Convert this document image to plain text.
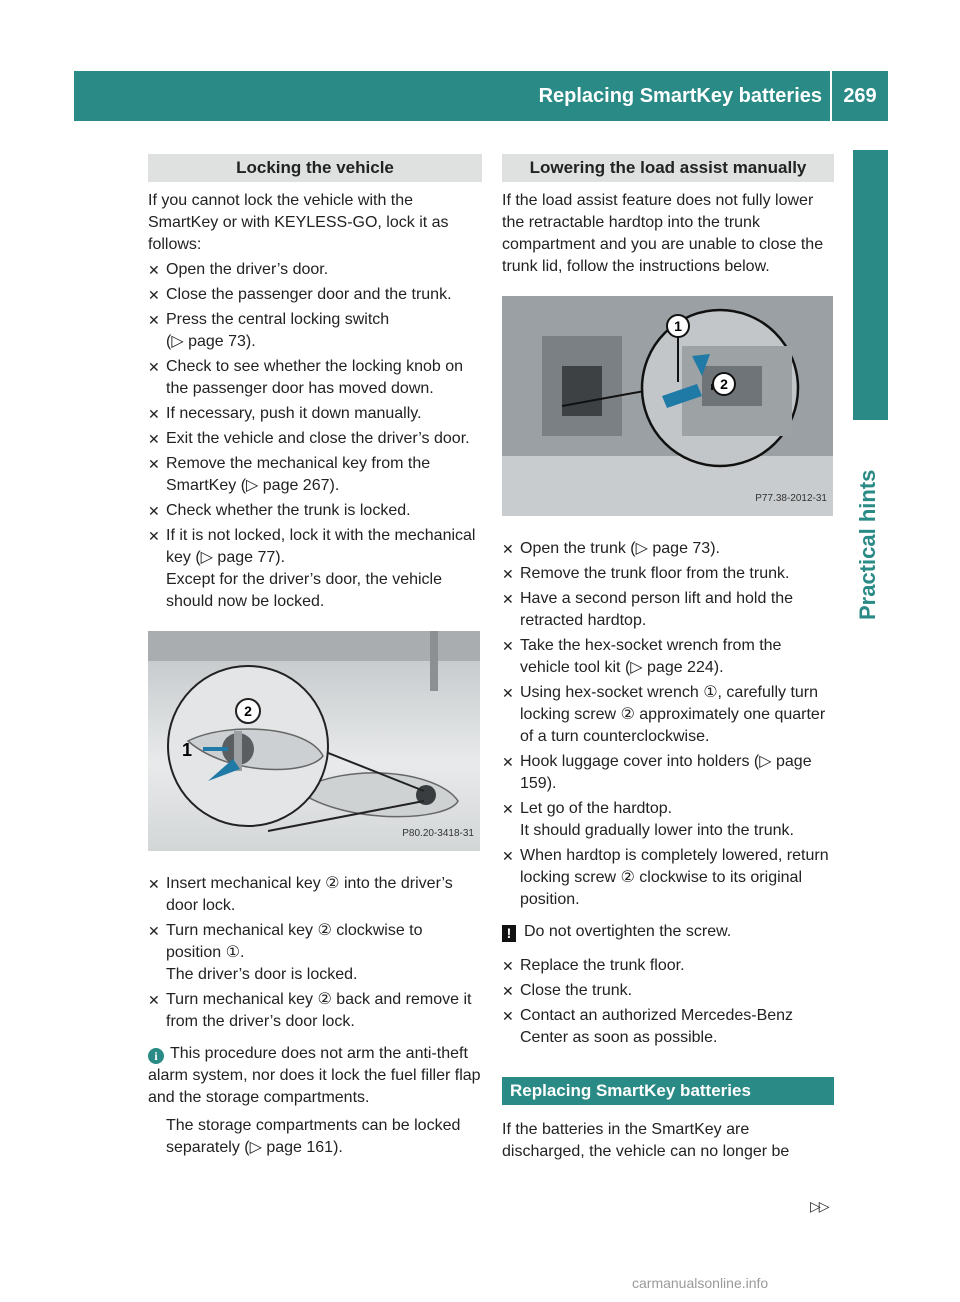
Replacing SmartKey batteries	269
Practical hints
Locking the vehicle

If you cannot lock the vehicle with the SmartKey or with KEYLESS-GO, lock it as follows:

✕ Open the driver’s door.
✕ Close the passenger door and the trunk.
✕ Press the central locking switch
(▷ page 73).
✕ Check to see whether the locking knob on the passenger door has moved down.
✕ If necessary, push it down manually.
✕ Exit the vehicle and close the driver’s door.
✕ Remove the mechanical key from the SmartKey (▷ page 267).
✕ Check whether the trunk is locked.
✕ If it is not locked, lock it with the mechanical key (▷ page 77).
Except for the driver’s door, the vehicle should now be locked.
2
1
P80.20-3418-31
✕ Insert mechanical key ② into the driver’s door lock.
✕ Turn mechanical key ② clockwise to position ①.
The driver’s door is locked.
✕ Turn mechanical key ② back and remove it from the driver’s door lock.

i This procedure does not arm the anti-theft alarm system, nor does it lock the fuel filler flap and the storage compartments.

The storage compartments can be locked separately (▷ page 161).

Lowering the load assist manually

If the load assist feature does not fully lower the retractable hardtop into the trunk compartment and you are unable to close the trunk lid, follow the instructions below.

1
2
P77.38-2012-31
✕ Open the trunk (▷ page 73).
✕ Remove the trunk floor from the trunk.
✕ Have a second person lift and hold the retracted hardtop.
✕ Take the hex-socket wrench from the vehicle tool kit (▷ page 224).
✕ Using hex-socket wrench ①, carefully turn locking screw ② approximately one quarter of a turn counterclockwise.
✕ Hook luggage cover into holders (▷ page 159).
✕ Let go of the hardtop.
It should gradually lower into the trunk.
✕ When hardtop is completely lowered, return locking screw ② clockwise to its original position.
! Do not overtighten the screw.
✕ Replace the trunk floor.
✕ Close the trunk.
✕ Contact an authorized Mercedes-Benz Center as soon as possible.
Replacing SmartKey batteries

If the batteries in the SmartKey are discharged, the vehicle can no longer be

▷▷
carmanualsonline.info
